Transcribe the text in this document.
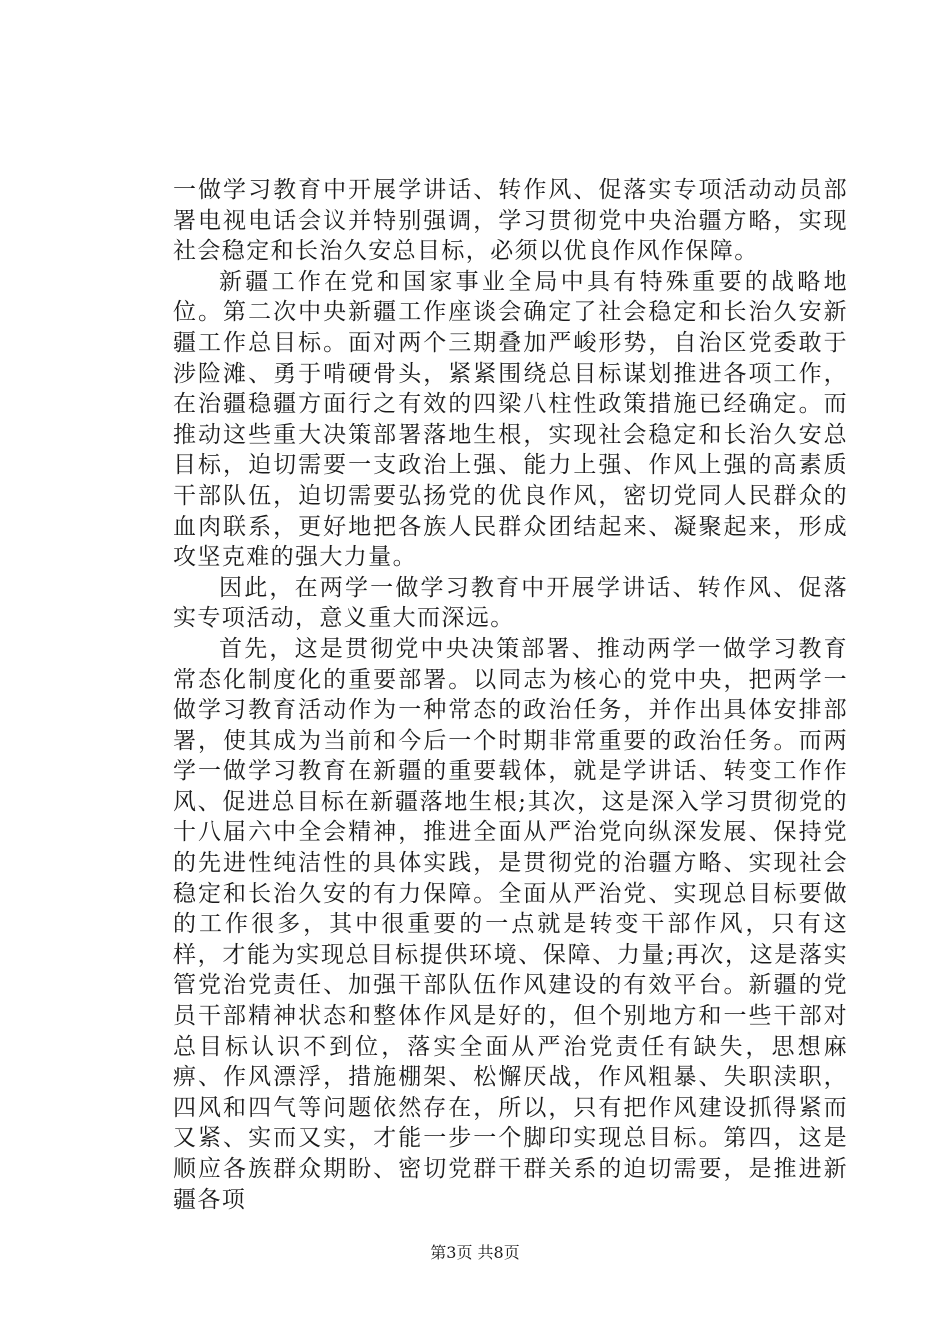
一做学习教育中开展学讲话、转作风、促落实专项活动动员部署电视电话会议并特别强调，学习贯彻党中央治疆方略，实现社会稳定和长治久安总目标，必须以优良作风作保障。

新疆工作在党和国家事业全局中具有特殊重要的战略地位。第二次中央新疆工作座谈会确定了社会稳定和长治久安新疆工作总目标。面对两个三期叠加严峻形势，自治区党委敢于涉险滩、勇于啃硬骨头，紧紧围绕总目标谋划推进各项工作，在治疆稳疆方面行之有效的四梁八柱性政策措施已经确定。而推动这些重大决策部署落地生根，实现社会稳定和长治久安总目标，迫切需要一支政治上强、能力上强、作风上强的高素质干部队伍，迫切需要弘扬党的优良作风，密切党同人民群众的血肉联系，更好地把各族人民群众团结起来、凝聚起来，形成攻坚克难的强大力量。

因此，在两学一做学习教育中开展学讲话、转作风、促落实专项活动，意义重大而深远。

首先，这是贯彻党中央决策部署、推动两学一做学习教育常态化制度化的重要部署。以同志为核心的党中央，把两学一做学习教育活动作为一种常态的政治任务，并作出具体安排部署，使其成为当前和今后一个时期非常重要的政治任务。而两学一做学习教育在新疆的重要载体，就是学讲话、转变工作作风、促进总目标在新疆落地生根;其次，这是深入学习贯彻党的十八届六中全会精神，推进全面从严治党向纵深发展、保持党的先进性纯洁性的具体实践，是贯彻党的治疆方略、实现社会稳定和长治久安的有力保障。全面从严治党、实现总目标要做的工作很多，其中很重要的一点就是转变干部作风，只有这样，才能为实现总目标提供环境、保障、力量;再次，这是落实管党治党责任、加强干部队伍作风建设的有效平台。新疆的党员干部精神状态和整体作风是好的，但个别地方和一些干部对总目标认识不到位，落实全面从严治党责任有缺失，思想麻痹、作风漂浮，措施棚架、松懈厌战，作风粗暴、失职渎职，四风和四气等问题依然存在，所以，只有把作风建设抓得紧而又紧、实而又实，才能一步一个脚印实现总目标。第四，这是顺应各族群众期盼、密切党群干群关系的迫切需要，是推进新疆各项

第3页 共8页
